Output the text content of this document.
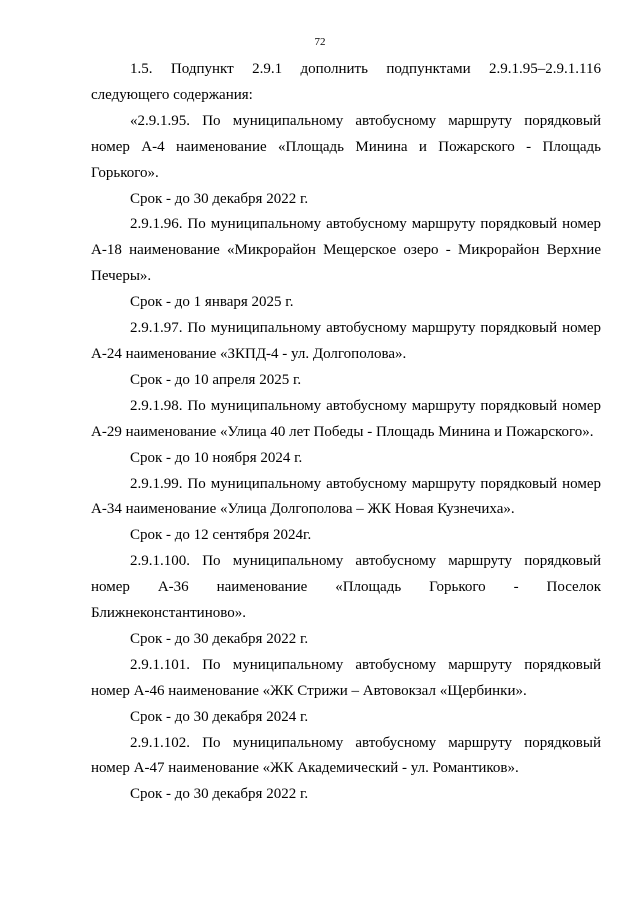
72

1.5. Подпункт 2.9.1 дополнить подпунктами 2.9.1.95–2.9.1.116 следующего содержания:

«2.9.1.95. По муниципальному автобусному маршруту порядковый номер А-4 наименование «Площадь Минина и Пожарского - Площадь Горького».

Срок - до 30 декабря 2022 г.

2.9.1.96. По муниципальному автобусному маршруту порядковый номер А-18 наименование «Микрорайон Мещерское озеро - Микрорайон Верхние Печеры».

Срок - до 1 января 2025 г.

2.9.1.97. По муниципальному автобусному маршруту порядковый номер А-24 наименование «ЗКПД-4 - ул. Долгополова».

Срок - до 10 апреля 2025 г.

2.9.1.98. По муниципальному автобусному маршруту порядковый номер А-29 наименование «Улица 40 лет Победы - Площадь Минина и Пожарского».

Срок - до 10 ноября 2024 г.

2.9.1.99. По муниципальному автобусному маршруту порядковый номер А-34 наименование «Улица Долгополова – ЖК Новая Кузнечиха».

Срок - до 12 сентября 2024г.

2.9.1.100. По муниципальному автобусному маршруту порядковый номер А-36 наименование «Площадь Горького - Поселок Ближнеконстантиново».

Срок - до 30 декабря 2022 г.

2.9.1.101. По муниципальному автобусному маршруту порядковый номер А-46 наименование «ЖК Стрижи – Автовокзал «Щербинки».

Срок - до 30 декабря 2024 г.

2.9.1.102. По муниципальному автобусному маршруту порядковый номер А-47 наименование «ЖК Академический - ул. Романтиков».

Срок - до 30 декабря 2022 г.
